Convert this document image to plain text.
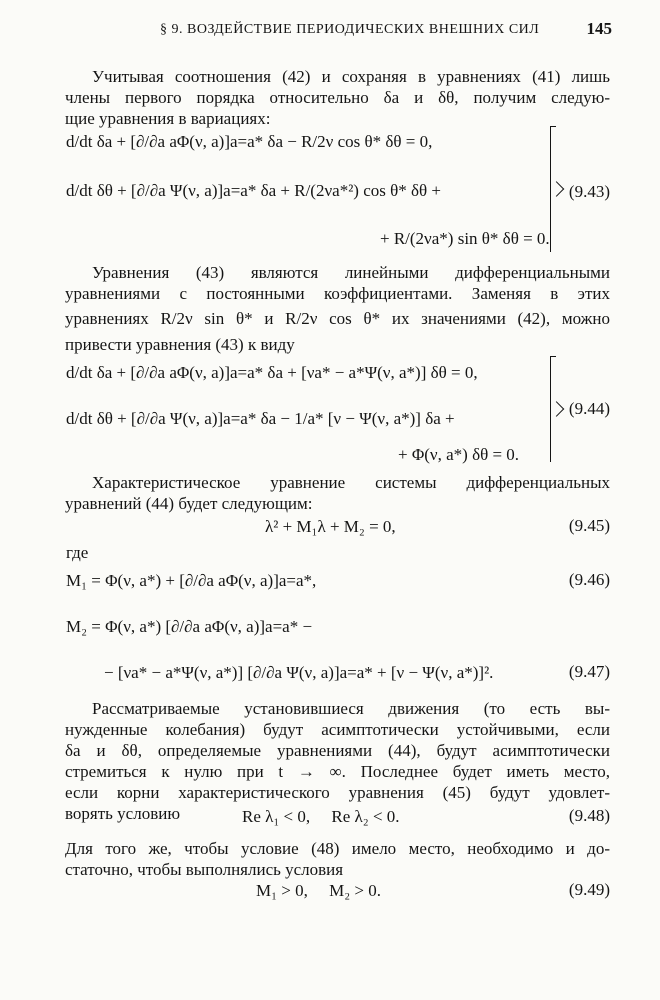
§ 9. ВОЗДЕЙСТВИЕ ПЕРИОДИЧЕСКИХ ВНЕШНИХ СИЛ	145
Учитывая соотношения (42) и сохраняя в уравнениях (41) лишь
члены первого порядка относительно δa и δθ, получим следую-
щие уравнения в вариациях:
d/dt δa + [∂/∂a aΦ(ν, a)]a=a* δa − R/2ν cos θ* δθ = 0,
d/dt δθ + [∂/∂a Ψ(ν, a)]a=a* δa + R/(2νa*²) cos θ* δθ +
+ R/(2νa*) sin θ* δθ = 0.
(9.43)
Уравнения (43) являются линейными дифференциальными
уравнениями с постоянными коэффициентами. Заменяя в этих
уравнениях R/2ν sin θ* и R/2ν cos θ* их значениями (42), можно
привести уравнения (43) к виду
d/dt δa + [∂/∂a aΦ(ν, a)]a=a* δa + [νa* − a*Ψ(ν, a*)] δθ = 0,
d/dt δθ + [∂/∂a Ψ(ν, a)]a=a* δa − 1/a* [ν − Ψ(ν, a*)] δa +
+ Φ(ν, a*) δθ = 0.
(9.44)
Характеристическое уравнение системы дифференциальных
уравнений (44) будет следующим:
λ² + M₁λ + M₂ = 0,	(9.45)
где
M₁ = Φ(ν, a*) + [∂/∂a aΦ(ν, a)]a=a*,	(9.46)
M₂ = Φ(ν, a*) [∂/∂a aΦ(ν, a)]a=a* −
− [νa* − a*Ψ(ν, a*)] [∂/∂a Ψ(ν, a)]a=a* + [ν − Ψ(ν, a*)]².	(9.47)
Рассматриваемые установившиеся движения (то есть вы-
нужденные колебания) будут асимптотически устойчивыми, если
δa и δθ, определяемые уравнениями (44), будут асимптотически
стремиться к нулю при t → ∞. Последнее будет иметь место,
если корни характеристического уравнения (45) будут удовлет-
ворять условию	Re λ₁ < 0,     Re λ₂ < 0.	(9.48)
Для того же, чтобы условие (48) имело место, необходимо и до-
статочно, чтобы выполнялись условия
M₁ > 0,     M₂ > 0.	(9.49)
